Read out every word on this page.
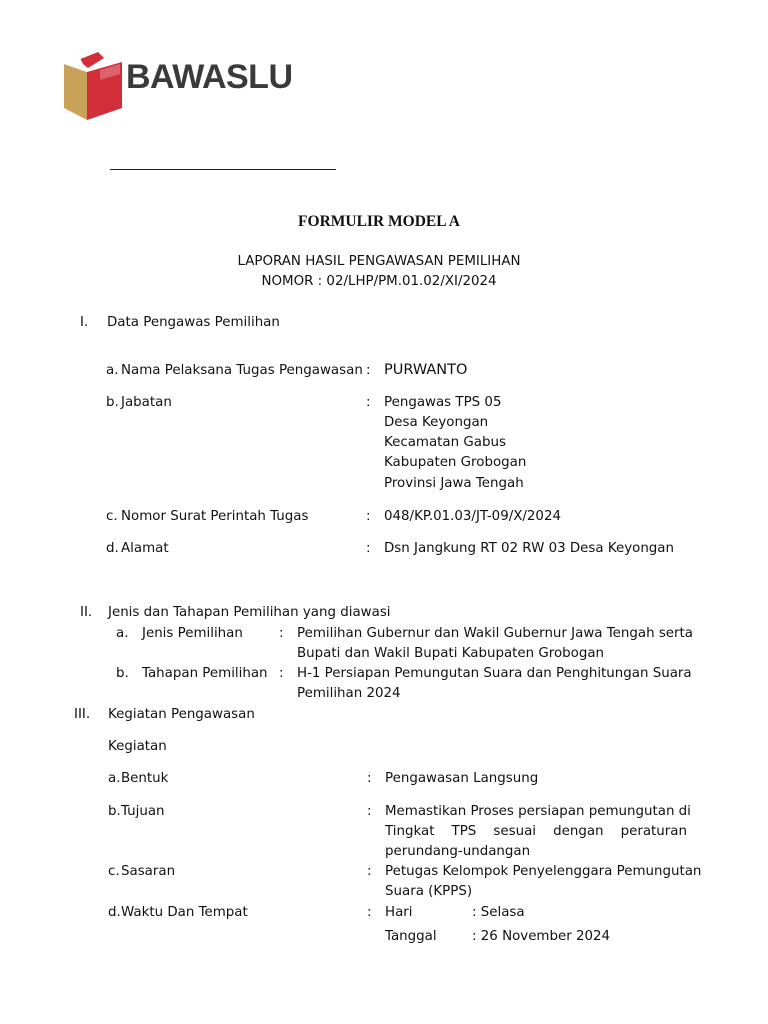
BAWASLU
FORMULIR MODEL A
LAPORAN HASIL PENGAWASAN PEMILIHAN
NOMOR : 02/LHP/PM.01.02/XI/2024
I. Data Pengawas Pemilihan
a. Nama Pelaksana Tugas Pengawasan : PURWANTO
b. Jabatan	: Pengawas TPS 05
Desa Keyongan
Kecamatan Gabus
Kabupaten Grobogan
Provinsi Jawa Tengah
c. Nomor Surat Perintah Tugas	: 048/KP.01.03/JT-09/X/2024
d. Alamat	: Dsn Jangkung RT 02 RW 03 Desa Keyongan
II. Jenis dan Tahapan Pemilihan yang diawasi
a. Jenis Pemilihan	: Pemilihan Gubernur dan Wakil Gubernur Jawa Tengah serta
Bupati dan Wakil Bupati Kabupaten Grobogan
b. Tahapan Pemilihan : H-1 Persiapan Pemungutan Suara dan Penghitungan Suara
Pemilihan 2024
III. Kegiatan Pengawasan
Kegiatan
a. Bentuk	: Pengawasan Langsung
b. Tujuan	: Memastikan Proses persiapan pemungutan di
Tingkat TPS sesuai dengan peraturan
perundang-undangan
c. Sasaran	: Petugas Kelompok Penyelenggara Pemungutan
Suara (KPPS)
d. Waktu Dan Tempat	: Hari	: Selasa
Tanggal	: 26 November 2024
